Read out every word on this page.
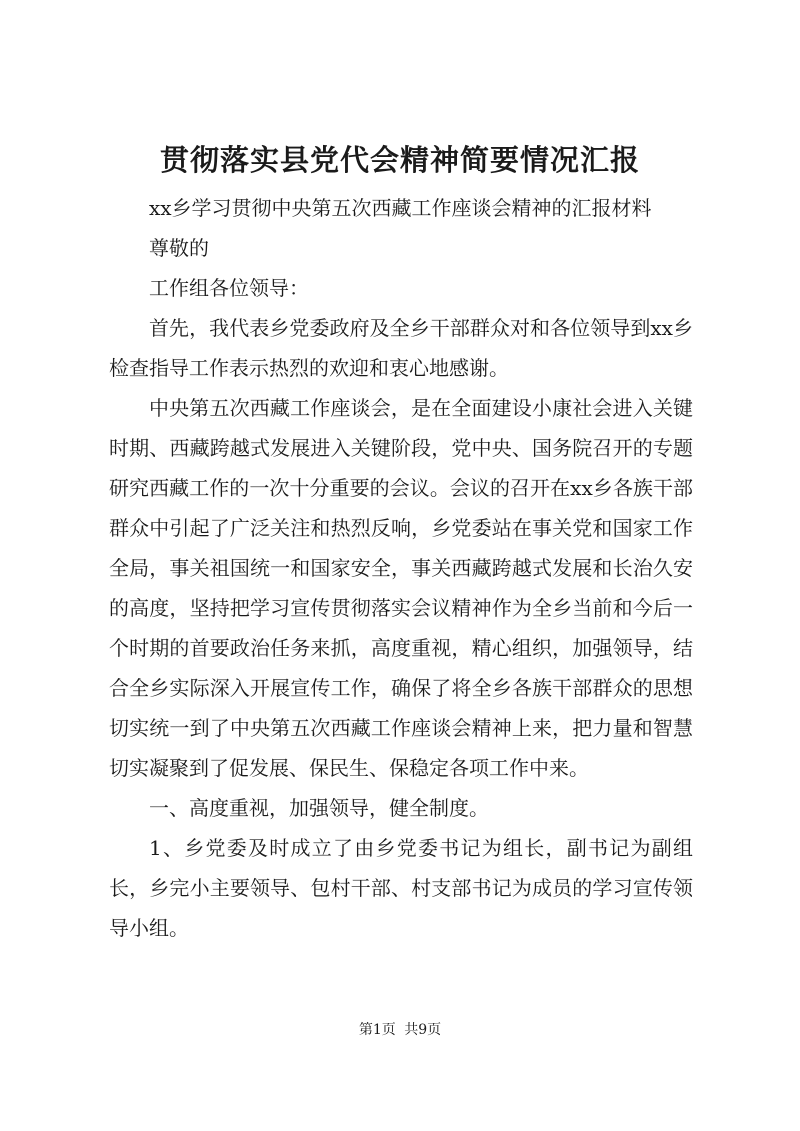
贯彻落实县党代会精神简要情况汇报

xx乡学习贯彻中央第五次西藏工作座谈会精神的汇报材料

尊敬的

工作组各位领导：

首先，我代表乡党委政府及全乡干部群众对和各位领导到xx乡检查指导工作表示热烈的欢迎和衷心地感谢。

中央第五次西藏工作座谈会，是在全面建设小康社会进入关键时期、西藏跨越式发展进入关键阶段，党中央、国务院召开的专题研究西藏工作的一次十分重要的会议。会议的召开在xx乡各族干部群众中引起了广泛关注和热烈反响，乡党委站在事关党和国家工作全局，事关祖国统一和国家安全，事关西藏跨越式发展和长治久安的高度，坚持把学习宣传贯彻落实会议精神作为全乡当前和今后一个时期的首要政治任务来抓，高度重视，精心组织，加强领导，结合全乡实际深入开展宣传工作，确保了将全乡各族干部群众的思想切实统一到了中央第五次西藏工作座谈会精神上来，把力量和智慧切实凝聚到了促发展、保民生、保稳定各项工作中来。

一、高度重视，加强领导，健全制度。

1、乡党委及时成立了由乡党委书记为组长，副书记为副组长，乡完小主要领导、包村干部、村支部书记为成员的学习宣传领导小组。

第1页 共9页
